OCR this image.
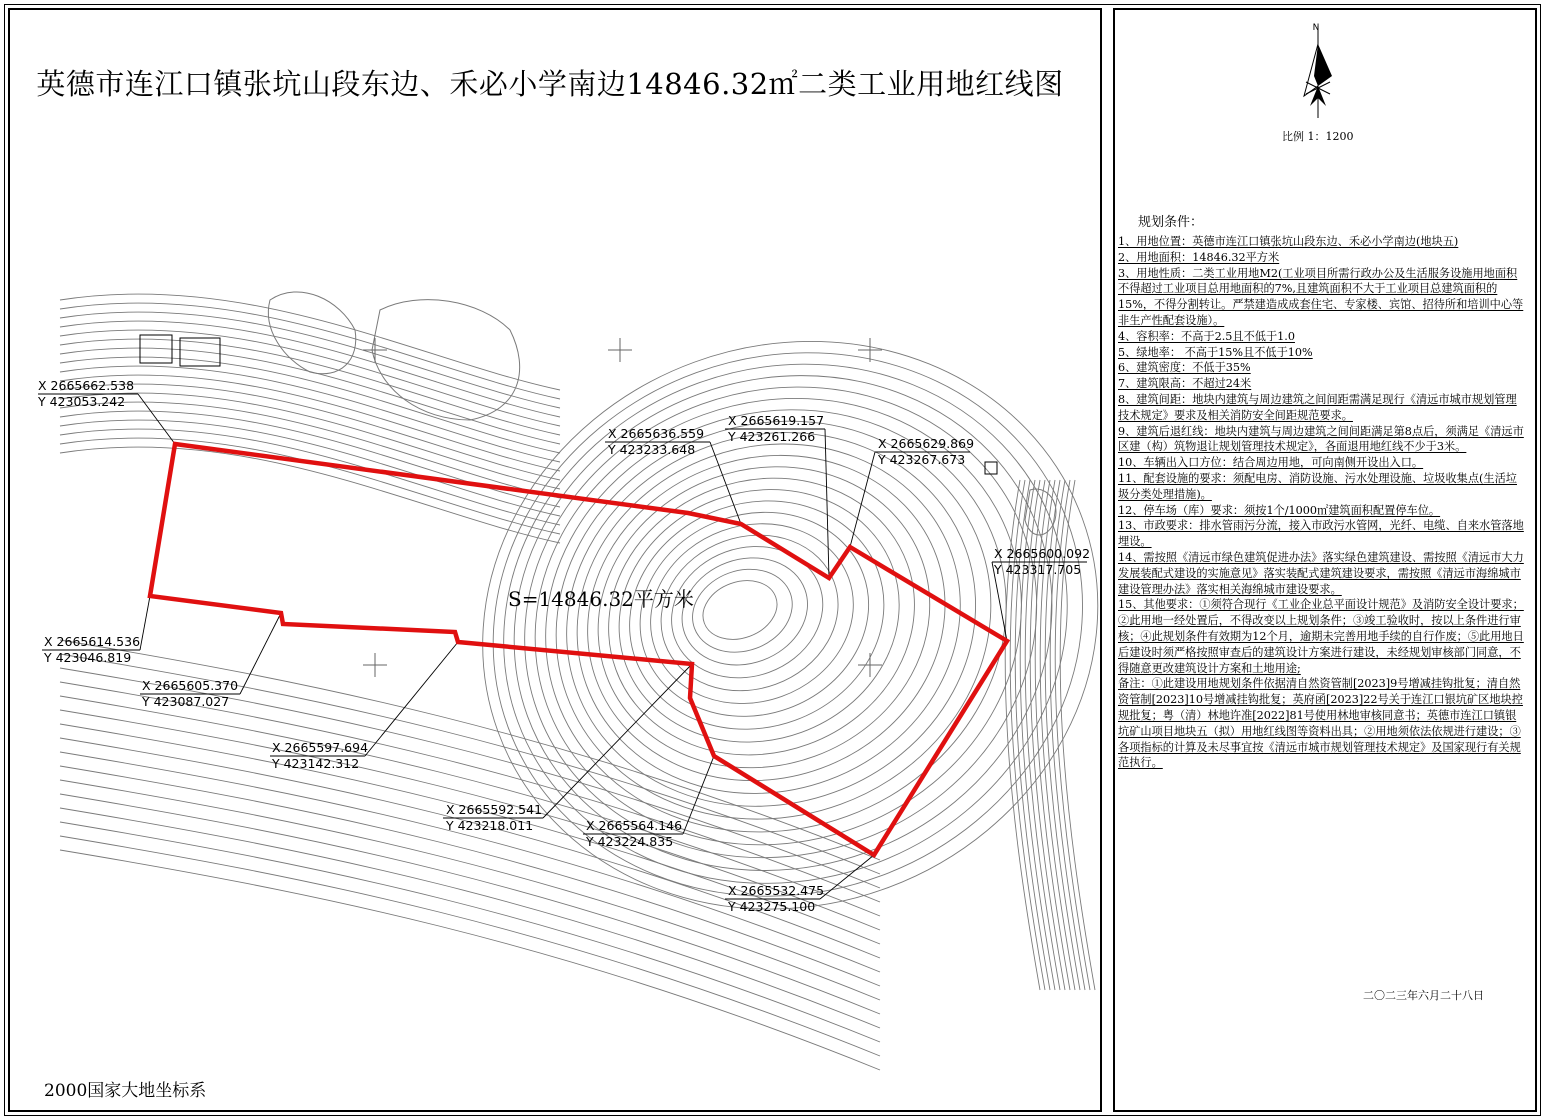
N
英德市连江口镇张坑山段东边、禾必小学南边14846.32㎡二类工业用地红线图
S=14846.32平方米
2000国家大地坐标系
X 2665662.538
Y 423053.242
X 2665636.559
Y 423233.648
X 2665619.157
Y 423261.266	X 2665629.869
Y 423267.673
X 2665600.092
Y 423317.705
X 2665614.536
Y 423046.819
X 2665605.370
Y 423087.027
X 2665597.694
Y 423142.312
X 2665592.541
Y 423218.011	X 2665564.146
Y 423224.835
X 2665532.475
Y 423275.100
比例 1：1200
规划条件：
1、用地位置：英德市连江口镇张坑山段东边、禾必小学南边(地块五)
2、用地面积：14846.32平方米
3、用地性质：二类工业用地M2(工业项目所需行政办公及生活服务设施用地面积不得超过工业项目总用地面积的7%,且建筑面积不大于工业项目总建筑面积的15%，不得分割转让。严禁建造成成套住宅、专家楼、宾馆、招待所和培训中心等非生产性配套设施）。
4、容积率：不高于2.5且不低于1.0
5、绿地率： 不高于15%且不低于10%
6、建筑密度：不低于35%
7、建筑限高：不超过24米
8、建筑间距：地块内建筑与周边建筑之间间距需满足现行《清远市城市规划管理技术规定》要求及相关消防安全间距规范要求。
9、建筑后退红线：地块内建筑与周边建筑之间间距满足第8点后，须满足《清远市区建（构）筑物退让规划管理技术规定》，各面退用地红线不少于3米。
10、车辆出入口方位：结合周边用地，可向南侧开设出入口。
11、配套设施的要求：须配电房、消防设施、污水处理设施、垃圾收集点(生活垃圾分类处理措施)。
12、停车场（库）要求：须按1个/1000㎡建筑面积配置停车位。
13、市政要求：排水管雨污分流，接入市政污水管网，光纤、电缆、自来水管落地埋设。
14、需按照《清远市绿色建筑促进办法》落实绿色建筑建设、需按照《清远市大力发展装配式建设的实施意见》落实装配式建筑建设要求，需按照《清远市海绵城市建设管理办法》落实相关海绵城市建设要求。
15、其他要求：①须符合现行《工业企业总平面设计规范》及消防安全设计要求；②此用地一经处置后，不得改变以上规划条件；③竣工验收时，按以上条件进行审核；④此规划条件有效期为12个月，逾期未完善用地手续的自行作废；⑤此用地日后建设时须严格按照审查后的建筑设计方案进行建设，未经规划审核部门同意，不得随意更改建筑设计方案和土地用途;
备注：①此建设用地规划条件依据清自然资管制[2023]9号增减挂钩批复；清自然资管制[2023]10号增减挂钩批复；英府函[2023]22号关于连江口银坑矿区地块控规批复；粤（清）林地许准[2022]81号使用林地审核同意书；英德市连江口镇银坑矿山项目地块五（拟）用地红线图等资料出具；②用地须依法依规进行建设；③各项指标的计算及未尽事宜按《清远市城市规划管理技术规定》及国家现行有关规范执行。
二〇二三年六月二十八日
